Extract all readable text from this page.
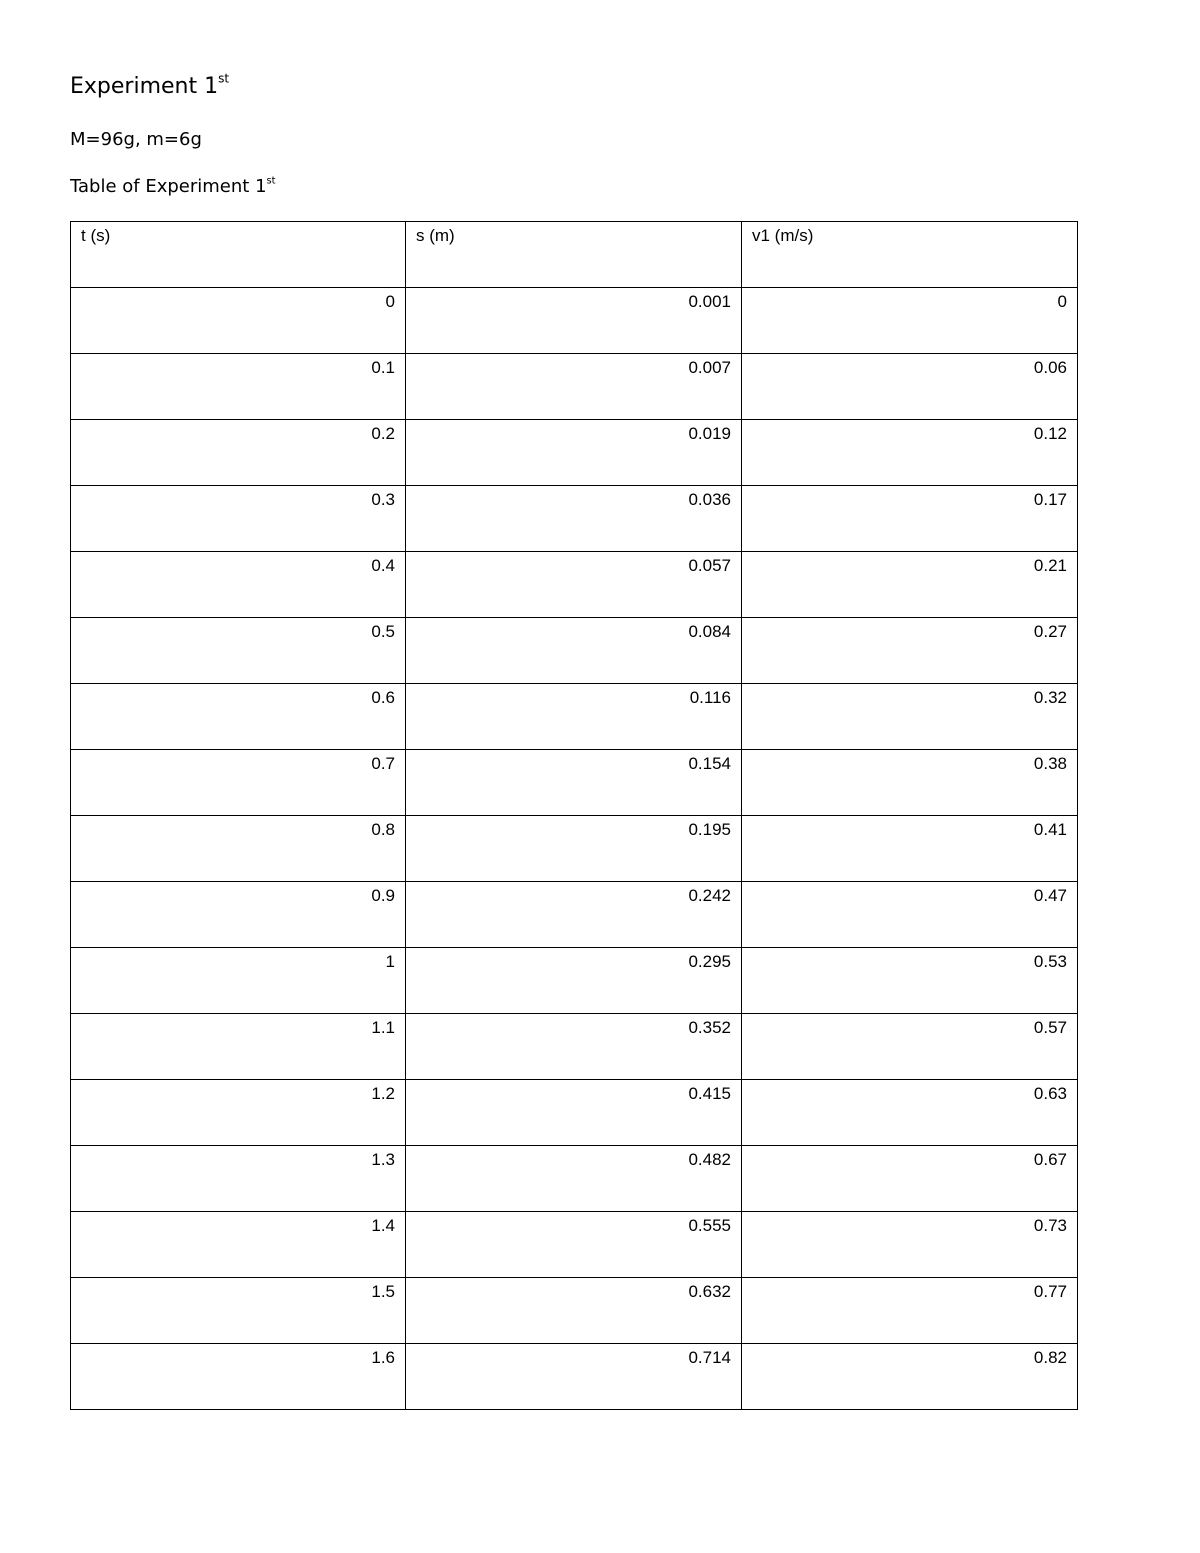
Experiment 1st
M=96g, m=6g
Table of Experiment 1st
t (s)	s (m)	v1 (m/s)
0	0.001	0
0.1	0.007	0.06
0.2	0.019	0.12
0.3	0.036	0.17
0.4	0.057	0.21
0.5	0.084	0.27
0.6	0.116	0.32
0.7	0.154	0.38
0.8	0.195	0.41
0.9	0.242	0.47
1	0.295	0.53
1.1	0.352	0.57
1.2	0.415	0.63
1.3	0.482	0.67
1.4	0.555	0.73
1.5	0.632	0.77
1.6	0.714	0.82
